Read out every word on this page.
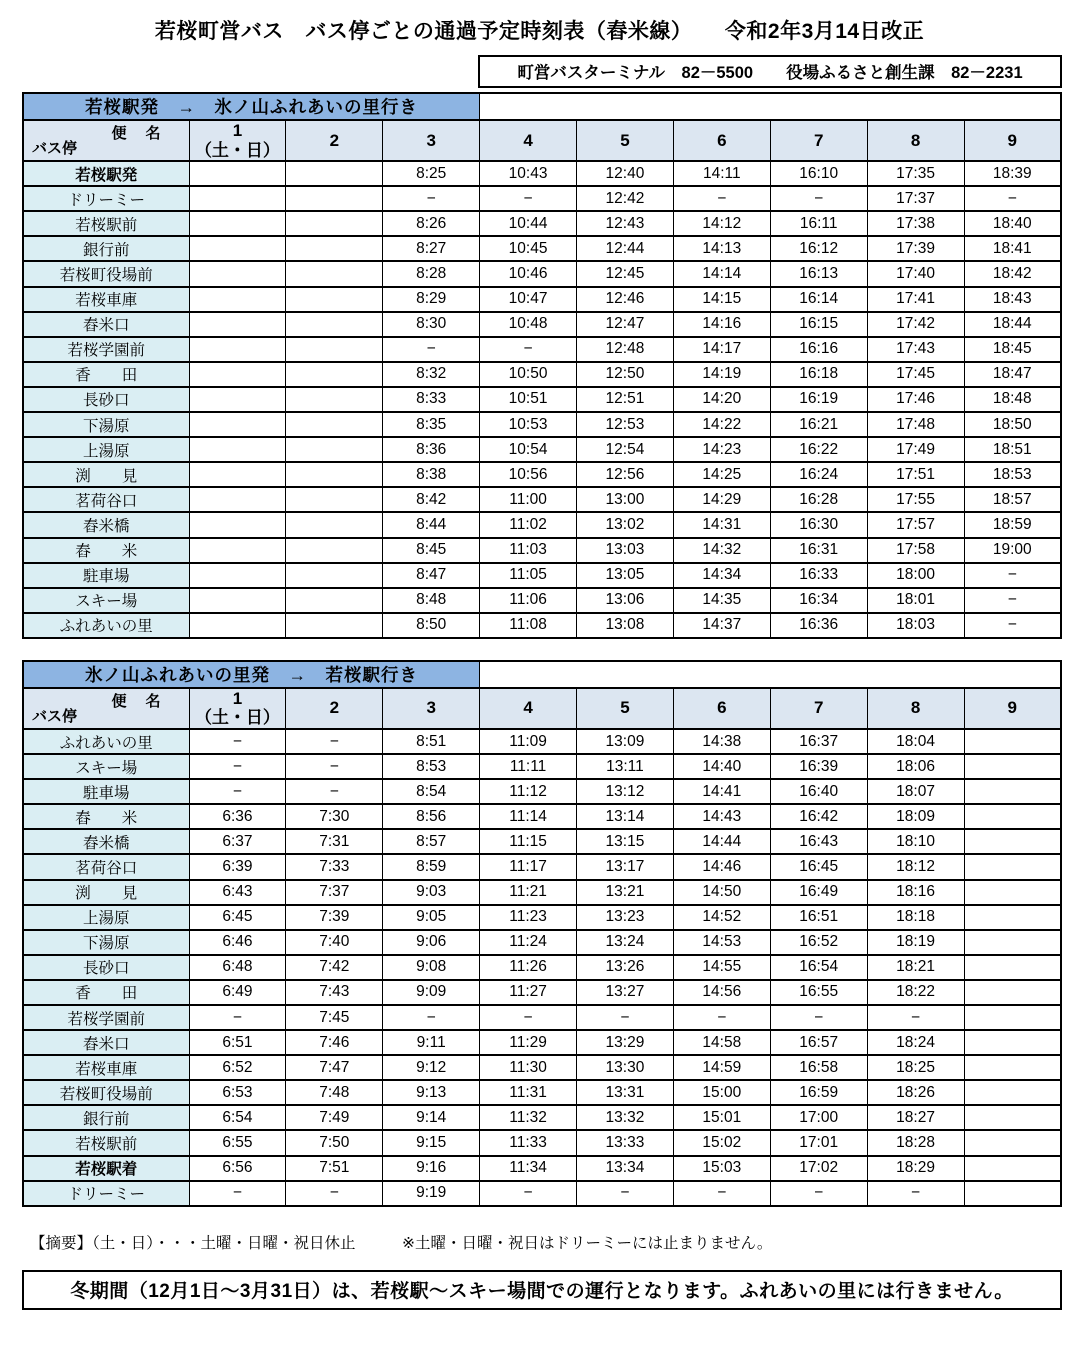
若桜町営バス　バス停ごとの通過予定時刻表（舂米線）　　令和2年3月14日改正
町営バスターミナル　82－5500　　役場ふるさと創生課　82－2231
若桜駅発　→　氷ノ山ふれあいの里行き									

便　名
バス停

1
（土・日）
	2	3	4	5	6	7	8	9
若桜駅発			8:25	10:43	12:40	14:11	16:10	17:35	18:39
ドリーミー			−	−	12:42	−	−	17:37	−
若桜駅前			8:26	10:44	12:43	14:12	16:11	17:38	18:40
銀行前			8:27	10:45	12:44	14:13	16:12	17:39	18:41
若桜町役場前			8:28	10:46	12:45	14:14	16:13	17:40	18:42
若桜車庫			8:29	10:47	12:46	14:15	16:14	17:41	18:43
舂米口			8:30	10:48	12:47	14:16	16:15	17:42	18:44
若桜学園前			−	−	12:48	14:17	16:16	17:43	18:45
香　　田			8:32	10:50	12:50	14:19	16:18	17:45	18:47
長砂口			8:33	10:51	12:51	14:20	16:19	17:46	18:48
下湯原			8:35	10:53	12:53	14:22	16:21	17:48	18:50
上湯原			8:36	10:54	12:54	14:23	16:22	17:49	18:51
渕　　見			8:38	10:56	12:56	14:25	16:24	17:51	18:53
茗荷谷口			8:42	11:00	13:00	14:29	16:28	17:55	18:57
舂米橋			8:44	11:02	13:02	14:31	16:30	17:57	18:59
舂　　米			8:45	11:03	13:03	14:32	16:31	17:58	19:00
駐車場			8:47	11:05	13:05	14:34	16:33	18:00	−
スキー場			8:48	11:06	13:06	14:35	16:34	18:01	−
ふれあいの里			8:50	11:08	13:08	14:37	16:36	18:03	−
氷ノ山ふれあいの里発　→　若桜駅行き									

便　名
バス停

1
（土・日）
	2	3	4	5	6	7	8	9
ふれあいの里	−	−	8:51	11:09	13:09	14:38	16:37	18:04	
スキー場	−	−	8:53	11:11	13:11	14:40	16:39	18:06	
駐車場	−	−	8:54	11:12	13:12	14:41	16:40	18:07	
舂　　米	6:36	7:30	8:56	11:14	13:14	14:43	16:42	18:09	
舂米橋	6:37	7:31	8:57	11:15	13:15	14:44	16:43	18:10	
茗荷谷口	6:39	7:33	8:59	11:17	13:17	14:46	16:45	18:12	
渕　　見	6:43	7:37	9:03	11:21	13:21	14:50	16:49	18:16	
上湯原	6:45	7:39	9:05	11:23	13:23	14:52	16:51	18:18	
下湯原	6:46	7:40	9:06	11:24	13:24	14:53	16:52	18:19	
長砂口	6:48	7:42	9:08	11:26	13:26	14:55	16:54	18:21	
香　　田	6:49	7:43	9:09	11:27	13:27	14:56	16:55	18:22	
若桜学園前	−	7:45	−	−	−	−	−	−	
舂米口	6:51	7:46	9:11	11:29	13:29	14:58	16:57	18:24	
若桜車庫	6:52	7:47	9:12	11:30	13:30	14:59	16:58	18:25	
若桜町役場前	6:53	7:48	9:13	11:31	13:31	15:00	16:59	18:26	
銀行前	6:54	7:49	9:14	11:32	13:32	15:01	17:00	18:27	
若桜駅前	6:55	7:50	9:15	11:33	13:33	15:02	17:01	18:28	
若桜駅着	6:56	7:51	9:16	11:34	13:34	15:03	17:02	18:29	
ドリーミー	−	−	9:19	−	−	−	−	−	
【摘要】（土・日）・・・土曜・日曜・祝日休止　　　※土曜・日曜・祝日はドリーミーには止まりません。
冬期間（12月1日～3月31日）は、若桜駅～スキー場間での運行となります。ふれあいの里には行きません。
